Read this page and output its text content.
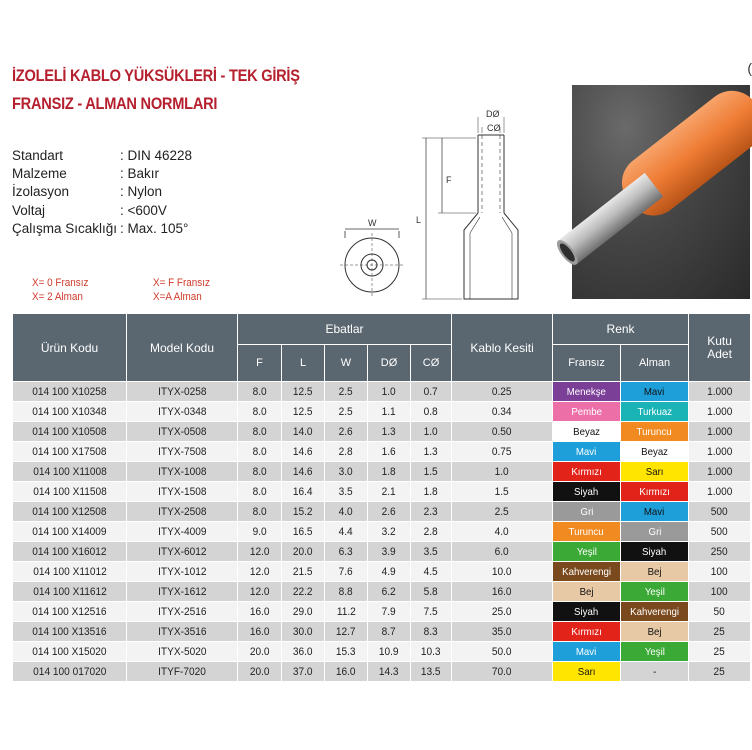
İZOLELİ KABLO YÜKSÜKLERİ - TEK GİRİŞ
FRANSIZ - ALMAN NORMLARI
Standart	: DIN 46228
Malzeme	: Bakır
İzolasyon	: Nylon
Voltaj	: <600V
Çalışma Sıcaklığı : Max. 105°
X= 0 Fransız
X= 2 Alman
X= F Fransız
X=A Alman
W	L
F
DØ
CØ
(
Ürün Kodu	Model Kodu	Ebatlar					Kablo Kesiti	Renk		Kutu Adet
		F	L	W	DØ	CØ		Fransız	Alman	
014 100 X10258	ITYX-0258	8.0	12.5	2.5	1.0	0.7	0.25	Menekşe	Mavi	1.000
014 100 X10348	ITYX-0348	8.0	12.5	2.5	1.1	0.8	0.34	Pembe	Turkuaz	1.000
014 100 X10508	ITYX-0508	8.0	14.0	2.6	1.3	1.0	0.50	Beyaz	Turuncu	1.000
014 100 X17508	ITYX-7508	8.0	14.6	2.8	1.6	1.3	0.75	Mavi	Beyaz	1.000
014 100 X11008	ITYX-1008	8.0	14.6	3.0	1.8	1.5	1.0	Kırmızı	Sarı	1.000
014 100 X11508	ITYX-1508	8.0	16.4	3.5	2.1	1.8	1.5	Siyah	Kırmızı	1.000
014 100 X12508	ITYX-2508	8.0	15.2	4.0	2.6	2.3	2.5	Gri	Mavi	500
014 100 X14009	ITYX-4009	9.0	16.5	4.4	3.2	2.8	4.0	Turuncu	Gri	500
014 100 X16012	ITYX-6012	12.0	20.0	6.3	3.9	3.5	6.0	Yeşil	Siyah	250
014 100 X11012	ITYX-1012	12.0	21.5	7.6	4.9	4.5	10.0	Kahverengi	Bej	100
014 100 X11612	ITYX-1612	12.0	22.2	8.8	6.2	5.8	16.0	Bej	Yeşil	100
014 100 X12516	ITYX-2516	16.0	29.0	11.2	7.9	7.5	25.0	Siyah	Kahverengi	50
014 100 X13516	ITYX-3516	16.0	30.0	12.7	8.7	8.3	35.0	Kırmızı	Bej	25
014 100 X15020	ITYX-5020	20.0	36.0	15.3	10.9	10.3	50.0	Mavi	Yeşil	25
014 100 017020	ITYF-7020	20.0	37.0	16.0	14.3	13.5	70.0	Sarı	-	25
